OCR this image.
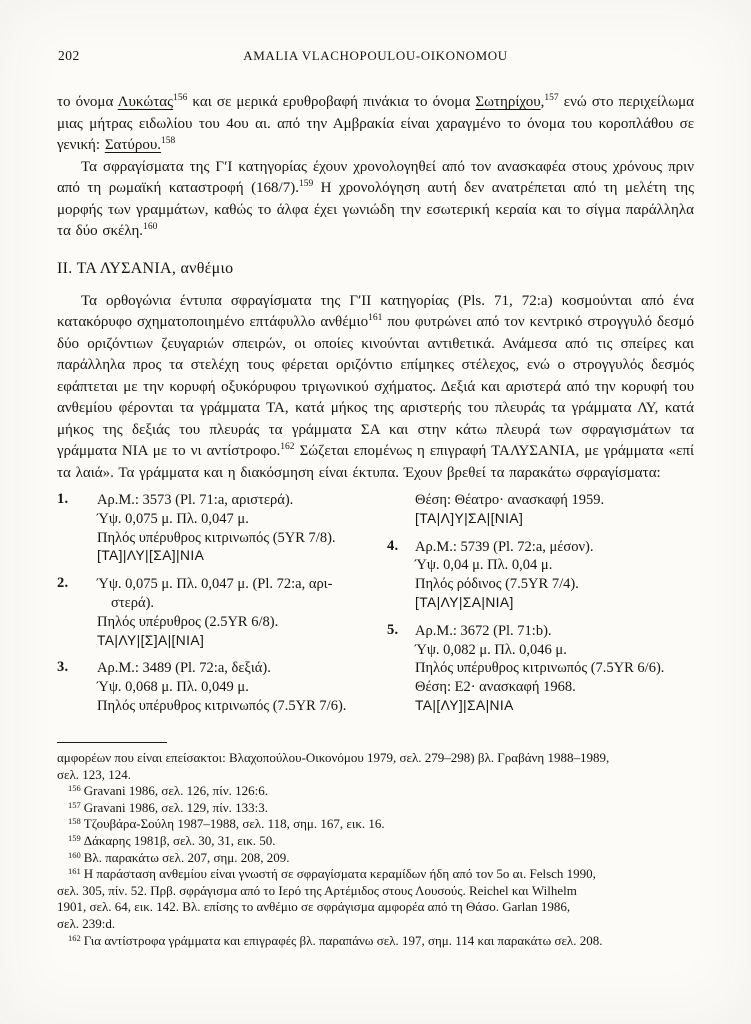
202	AMALIA VLACHOPOULOU-OIKONOMOU

το όνομα Λυκώτας$^{156}$ και σε μερικά ερυθροβαφή πινάκια το όνομα Σωτηρίχου,$^{157}$ ενώ στο περιχείλωμα μιας μήτρας ειδωλίου του 4ου αι. από την Αμβρακία είναι χαραγμένο το όνομα του κοροπλάθου σε γενική: Σατύρου.$^{158}$

Τα σφραγίσματα της Γ′Ι κατηγορίας έχουν χρονολογηθεί από τον ανασκαφέα στους χρόνους πριν από τη ρωμαϊκή καταστροφή (168/7).$^{159}$ Η χρονολόγηση αυτή δεν ανατρέπεται από τη μελέτη της μορφής των γραμμάτων, καθώς το άλφα έχει γωνιώδη την εσωτερική κεραία και το σίγμα παράλληλα τα δύο σκέλη.$^{160}$

ΙΙ. ΤΑ ΛΥΣΑΝΙΑ, ανθέμιο

Τα ορθογώνια έντυπα σφραγίσματα της Γ′ΙΙ κατηγορίας (Pls. 71, 72:a) κοσμούνται από ένα κατακόρυφο σχηματοποιημένο επτάφυλλο ανθέμιο$^{161}$ που φυτρώνει από τον κεντρικό στρογγυλό δεσμό δύο οριζόντιων ζευγαριών σπειρών, οι οποίες κινούνται αντιθετικά. Ανάμεσα από τις σπείρες και παράλληλα προς τα στελέχη τους φέρεται οριζόντιο επίμηκες στέλεχος, ενώ ο στρογγυλός δεσμός εφάπτεται με την κορυφή οξυκόρυφου τριγωνικού σχήματος. Δεξιά και αριστερά από την κορυφή του ανθεμίου φέρονται τα γράμματα ΤΑ, κατά μήκος της αριστερής του πλευράς τα γράμματα ΛΥ, κατά μήκος της δεξιάς του πλευράς τα γράμματα ΣΑ και στην κάτω πλευρά των σφραγισμάτων τα γράμματα ΝΙΑ με το νι αντίστροφο.$^{162}$ Σώζεται επομένως η επιγραφή ΤΑΛΥΣΑΝΙΑ, με γράμματα «επί τα λαιά». Τα γράμματα και η διακόσμηση είναι έκτυπα. Έχουν βρεθεί τα παρακάτω σφραγίσματα:

1.	Αρ.Μ.: 3573 (Pl. 71:a, αριστερά).
Ύψ. 0,075 μ. Πλ. 0,047 μ.
Πηλός υπέρυθρος κιτρινωπός (5YR 7/8).
[ΤΑ]|ΛΥ|[ΣΑ]|ΝΙΑ
2.	Ύψ. 0,075 μ. Πλ. 0,047 μ. (Pl. 72:a, αρι-
στερά).
Πηλός υπέρυθρος (2.5YR 6/8).
ΤΑ|ΛΥ|[Σ]Α|[ΝΙΑ]
3.	Αρ.Μ.: 3489 (Pl. 72:a, δεξιά).
Ύψ. 0,068 μ. Πλ. 0,049 μ.
Πηλός υπέρυθρος κιτρινωπός (7.5YR 7/6).
Θέση: Θέατρο· ανασκαφή 1959.
[ΤΑ|Λ]Υ|ΣΑ|[ΝΙΑ]
4.	Αρ.Μ.: 5739 (Pl. 72:a, μέσον).
Ύψ. 0,04 μ. Πλ. 0,04 μ.
Πηλός ρόδινος (7.5YR 7/4).
[ΤΑ|ΛΥ|ΣΑ|ΝΙΑ]
5.	Αρ.Μ.: 3672 (Pl. 71:b).
Ύψ. 0,082 μ. Πλ. 0,046 μ.
Πηλός υπέρυθρος κιτρινωπός (7.5YR 6/6).
Θέση: Ε2· ανασκαφή 1968.
ΤΑ|[ΛΥ]|ΣΑ|ΝΙΑ
αμφορέων που είναι επείσακτοι: Βλαχοπούλου-Οικονόμου 1979, σελ. 279–298) βλ. Γραβάνη 1988–1989,
σελ. 123, 124.
$^{156}$ Gravani 1986, σελ. 126, πίν. 126:6.
$^{157}$ Gravani 1986, σελ. 129, πίν. 133:3.
$^{158}$ Τζουβάρα-Σούλη 1987–1988, σελ. 118, σημ. 167, εικ. 16.
$^{159}$ Δάκαρης 1981β, σελ. 30, 31, εικ. 50.
$^{160}$ Βλ. παρακάτω σελ. 207, σημ. 208, 209.
$^{161}$ Η παράσταση ανθεμίου είναι γνωστή σε σφραγίσματα κεραμίδων ήδη από τον 5ο αι. Felsch 1990,
σελ. 305, πίν. 52. Πρβ. σφράγισμα από το Ιερό της Αρτέμιδος στους Λουσούς. Reichel και Wilhelm
1901, σελ. 64, εικ. 142. Βλ. επίσης το ανθέμιο σε σφράγισμα αμφορέα από τη Θάσο. Garlan 1986,
σελ. 239:d.
$^{162}$ Για αντίστροφα γράμματα και επιγραφές βλ. παραπάνω σελ. 197, σημ. 114 και παρακάτω σελ. 208.
